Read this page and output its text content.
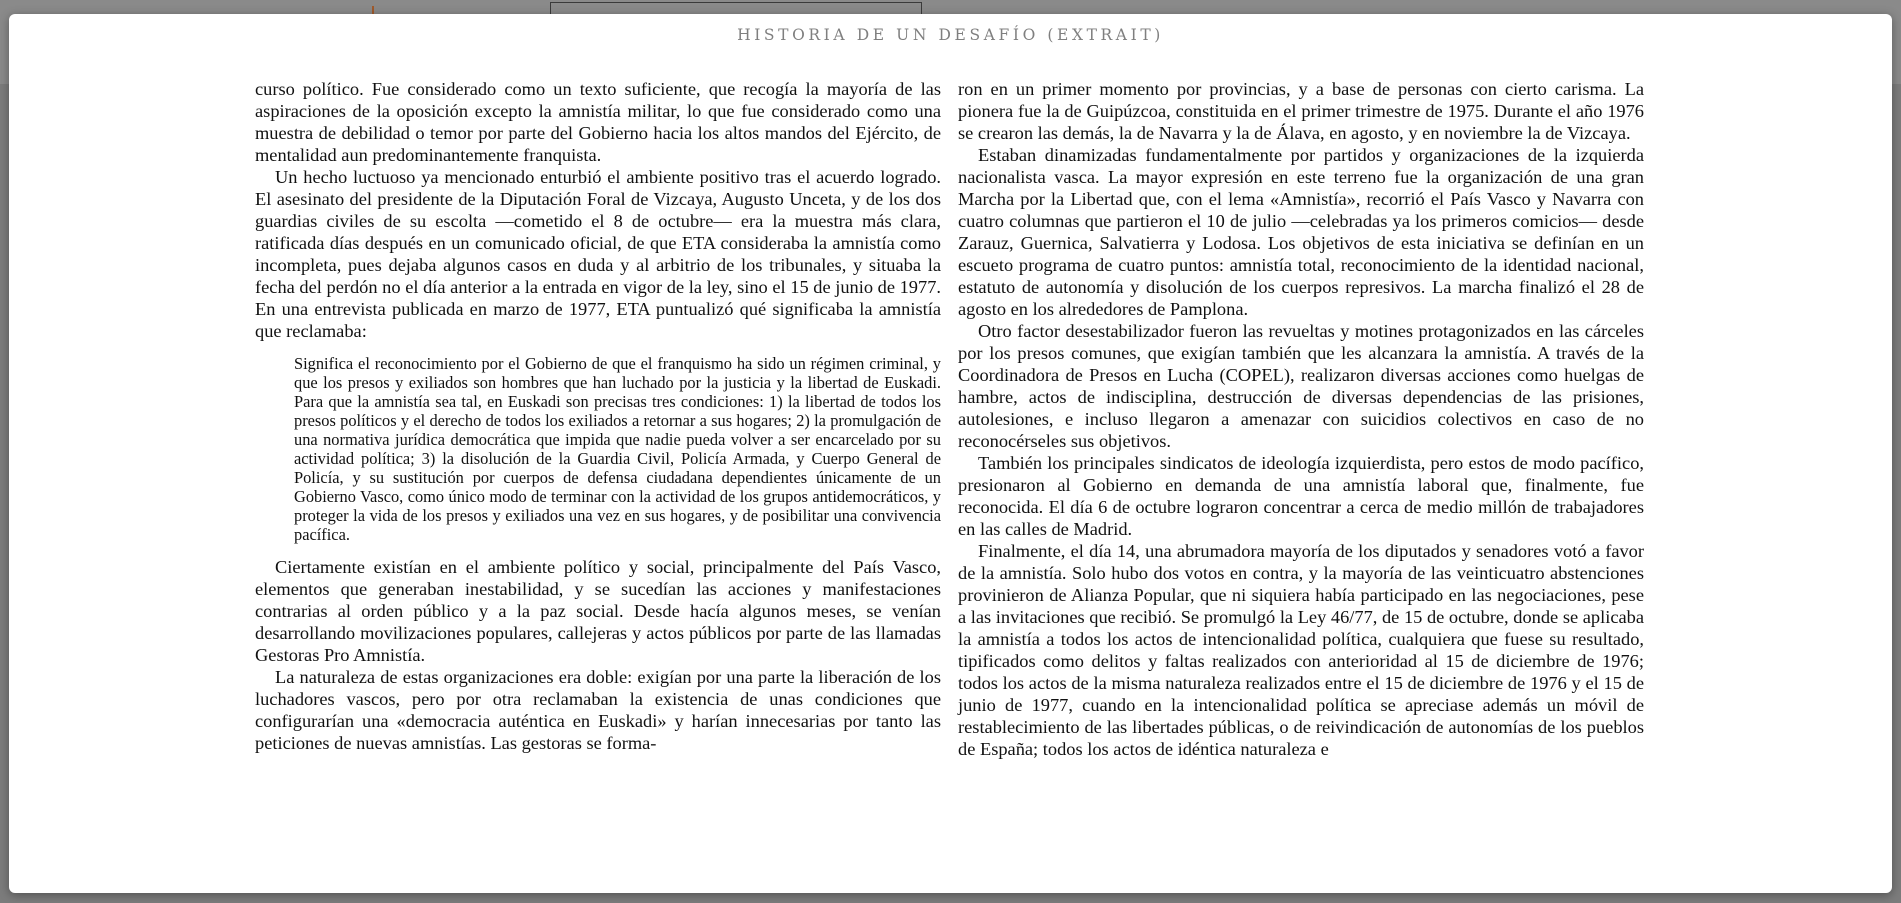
HISTORIA DE UN DESAFÍO (EXTRAIT)

curso político. Fue considerado como un texto suficiente, que recogía la mayoría de las aspiraciones de la oposición excepto la amnistía militar, lo que fue considerado como una muestra de debilidad o temor por parte del Gobierno hacia los altos mandos del Ejército, de mentalidad aun predominantemente franquista.

Un hecho luctuoso ya mencionado enturbió el ambiente positivo tras el acuerdo logrado. El asesinato del presidente de la Diputación Foral de Vizcaya, Augusto Unceta, y de los dos guardias civiles de su escolta —cometido el 8 de octubre— era la muestra más clara, ratificada días después en un comunicado oficial, de que ETA consideraba la amnistía como incompleta, pues dejaba algunos casos en duda y al arbitrio de los tribunales, y situaba la fecha del perdón no el día anterior a la entrada en vigor de la ley, sino el 15 de junio de 1977. En una entrevista publicada en marzo de 1977, ETA puntualizó qué significaba la amnistía que reclamaba:

Significa el reconocimiento por el Gobierno de que el franquismo ha sido un régimen criminal, y que los presos y exiliados son hombres que han luchado por la justicia y la libertad de Euskadi. Para que la amnistía sea tal, en Euskadi son precisas tres condiciones: 1) la libertad de todos los presos políticos y el derecho de todos los exiliados a retornar a sus hogares; 2) la promulgación de una normativa jurídica democrática que impida que nadie pueda volver a ser encarcelado por su actividad política; 3) la disolución de la Guardia Civil, Policía Armada, y Cuerpo General de Policía, y su sustitución por cuerpos de defensa ciudadana dependientes únicamente de un Gobierno Vasco, como único modo de terminar con la actividad de los grupos antidemocráticos, y proteger la vida de los presos y exiliados una vez en sus hogares, y de posibilitar una convivencia pacífica.

Ciertamente existían en el ambiente político y social, principalmente del País Vasco, elementos que generaban inestabilidad, y se sucedían las acciones y manifestaciones contrarias al orden público y a la paz social. Desde hacía algunos meses, se venían desarrollando movilizaciones populares, callejeras y actos públicos por parte de las llamadas Gestoras Pro Amnistía.

La naturaleza de estas organizaciones era doble: exigían por una parte la liberación de los luchadores vascos, pero por otra reclamaban la existencia de unas condiciones que configurarían una «democracia auténtica en Euskadi» y harían innecesarias por tanto las peticiones de nuevas amnistías. Las gestoras se forma-

ron en un primer momento por provincias, y a base de personas con cierto carisma. La pionera fue la de Guipúzcoa, constituida en el primer trimestre de 1975. Durante el año 1976 se crearon las demás, la de Navarra y la de Álava, en agosto, y en noviembre la de Vizcaya.

Estaban dinamizadas fundamentalmente por partidos y organizaciones de la izquierda nacionalista vasca. La mayor expresión en este terreno fue la organización de una gran Marcha por la Libertad que, con el lema «Amnistía», recorrió el País Vasco y Navarra con cuatro columnas que partieron el 10 de julio —celebradas ya los primeros comicios— desde Zarauz, Guernica, Salvatierra y Lodosa. Los objetivos de esta iniciativa se definían en un escueto programa de cuatro puntos: amnistía total, reconocimiento de la identidad nacional, estatuto de autonomía y disolución de los cuerpos represivos. La marcha finalizó el 28 de agosto en los alrededores de Pamplona.

Otro factor desestabilizador fueron las revueltas y motines protagonizados en las cárceles por los presos comunes, que exigían también que les alcanzara la amnistía. A través de la Coordinadora de Presos en Lucha (COPEL), realizaron diversas acciones como huelgas de hambre, actos de indisciplina, destrucción de diversas dependencias de las prisiones, autolesiones, e incluso llegaron a amenazar con suicidios colectivos en caso de no reconocérseles sus objetivos.

También los principales sindicatos de ideología izquierdista, pero estos de modo pacífico, presionaron al Gobierno en demanda de una amnistía laboral que, finalmente, fue reconocida. El día 6 de octubre lograron concentrar a cerca de medio millón de trabajadores en las calles de Madrid.

Finalmente, el día 14, una abrumadora mayoría de los diputados y senadores votó a favor de la amnistía. Solo hubo dos votos en contra, y la mayoría de las veinticuatro abstenciones provinieron de Alianza Popular, que ni siquiera había participado en las negociaciones, pese a las invitaciones que recibió. Se promulgó la Ley 46/77, de 15 de octubre, donde se aplicaba la amnistía a todos los actos de intencionalidad política, cualquiera que fuese su resultado, tipificados como delitos y faltas realizados con anterioridad al 15 de diciembre de 1976; todos los actos de la misma naturaleza realizados entre el 15 de diciembre de 1976 y el 15 de junio de 1977, cuando en la intencionalidad política se apreciase además un móvil de restablecimiento de las libertades públicas, o de reivindicación de autonomías de los pueblos de España; todos los actos de idéntica naturaleza e
